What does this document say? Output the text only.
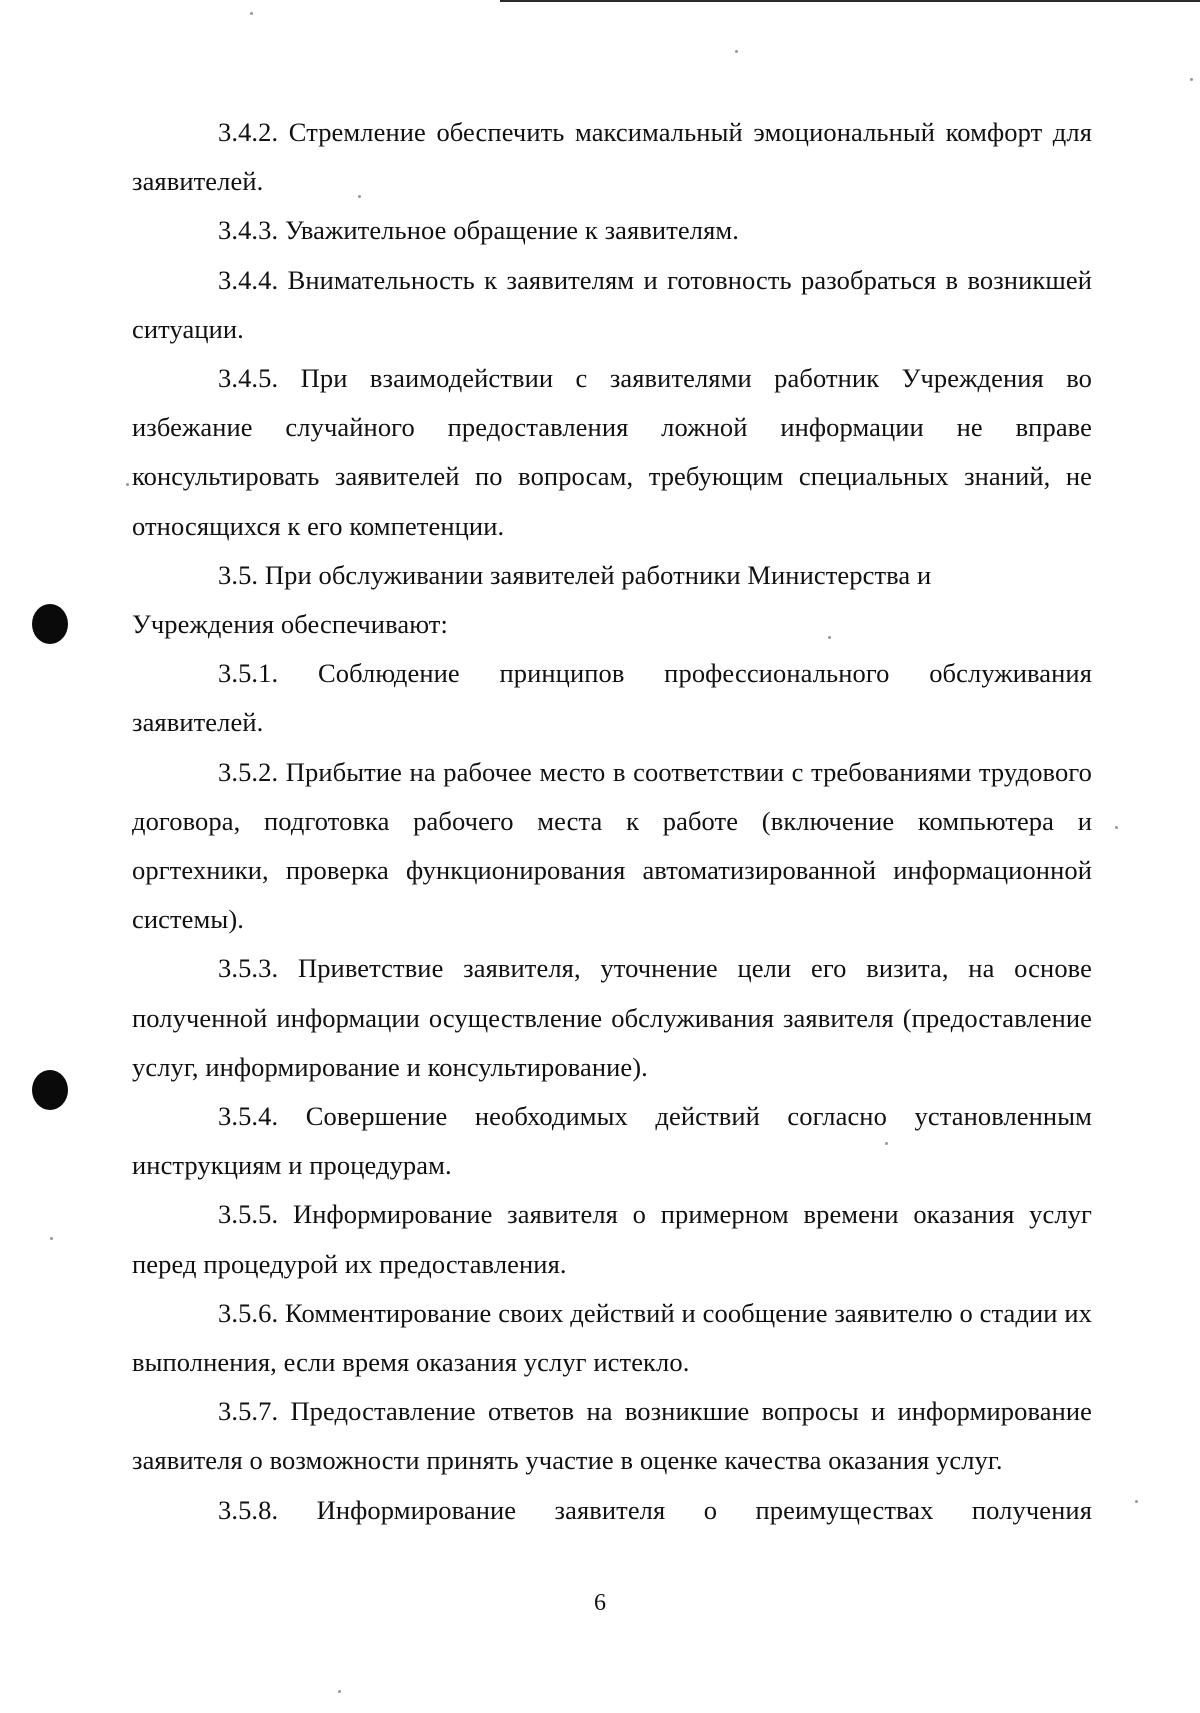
3.4.2. Стремление обеспечить максимальный эмоциональный комфорт для заявителей.

3.4.3. Уважительное обращение к заявителям.

3.4.4. Внимательность к заявителям и готовность разобраться в возникшей ситуации.

3.4.5. При взаимодействии с заявителями работник Учреждения во избежание случайного предоставления ложной информации не вправе консультировать заявителей по вопросам, требующим специальных знаний, не относящихся к его компетенции.

3.5. При обслуживании заявителей работники Министерства и

Учреждения обеспечивают:

3.5.1. Соблюдение принципов профессионального обслуживания заявителей.

3.5.2. Прибытие на рабочее место в соответствии с требованиями трудового договора, подготовка рабочего места к работе (включение компьютера и оргтехники, проверка функционирования автоматизированной информационной системы).

3.5.3. Приветствие заявителя, уточнение цели его визита, на основе полученной информации осуществление обслуживания заявителя (предоставление услуг, информирование и консультирование).

3.5.4. Совершение необходимых действий согласно установленным инструкциям и процедурам.

3.5.5. Информирование заявителя о примерном времени оказания услуг перед процедурой их предоставления.

3.5.6. Комментирование своих действий и сообщение заявителю о стадии их выполнения, если время оказания услуг истекло.

3.5.7. Предоставление ответов на возникшие вопросы и информирование заявителя о возможности принять участие в оценке качества оказания услуг.

3.5.8. Информирование заявителя о преимуществах получения

6
